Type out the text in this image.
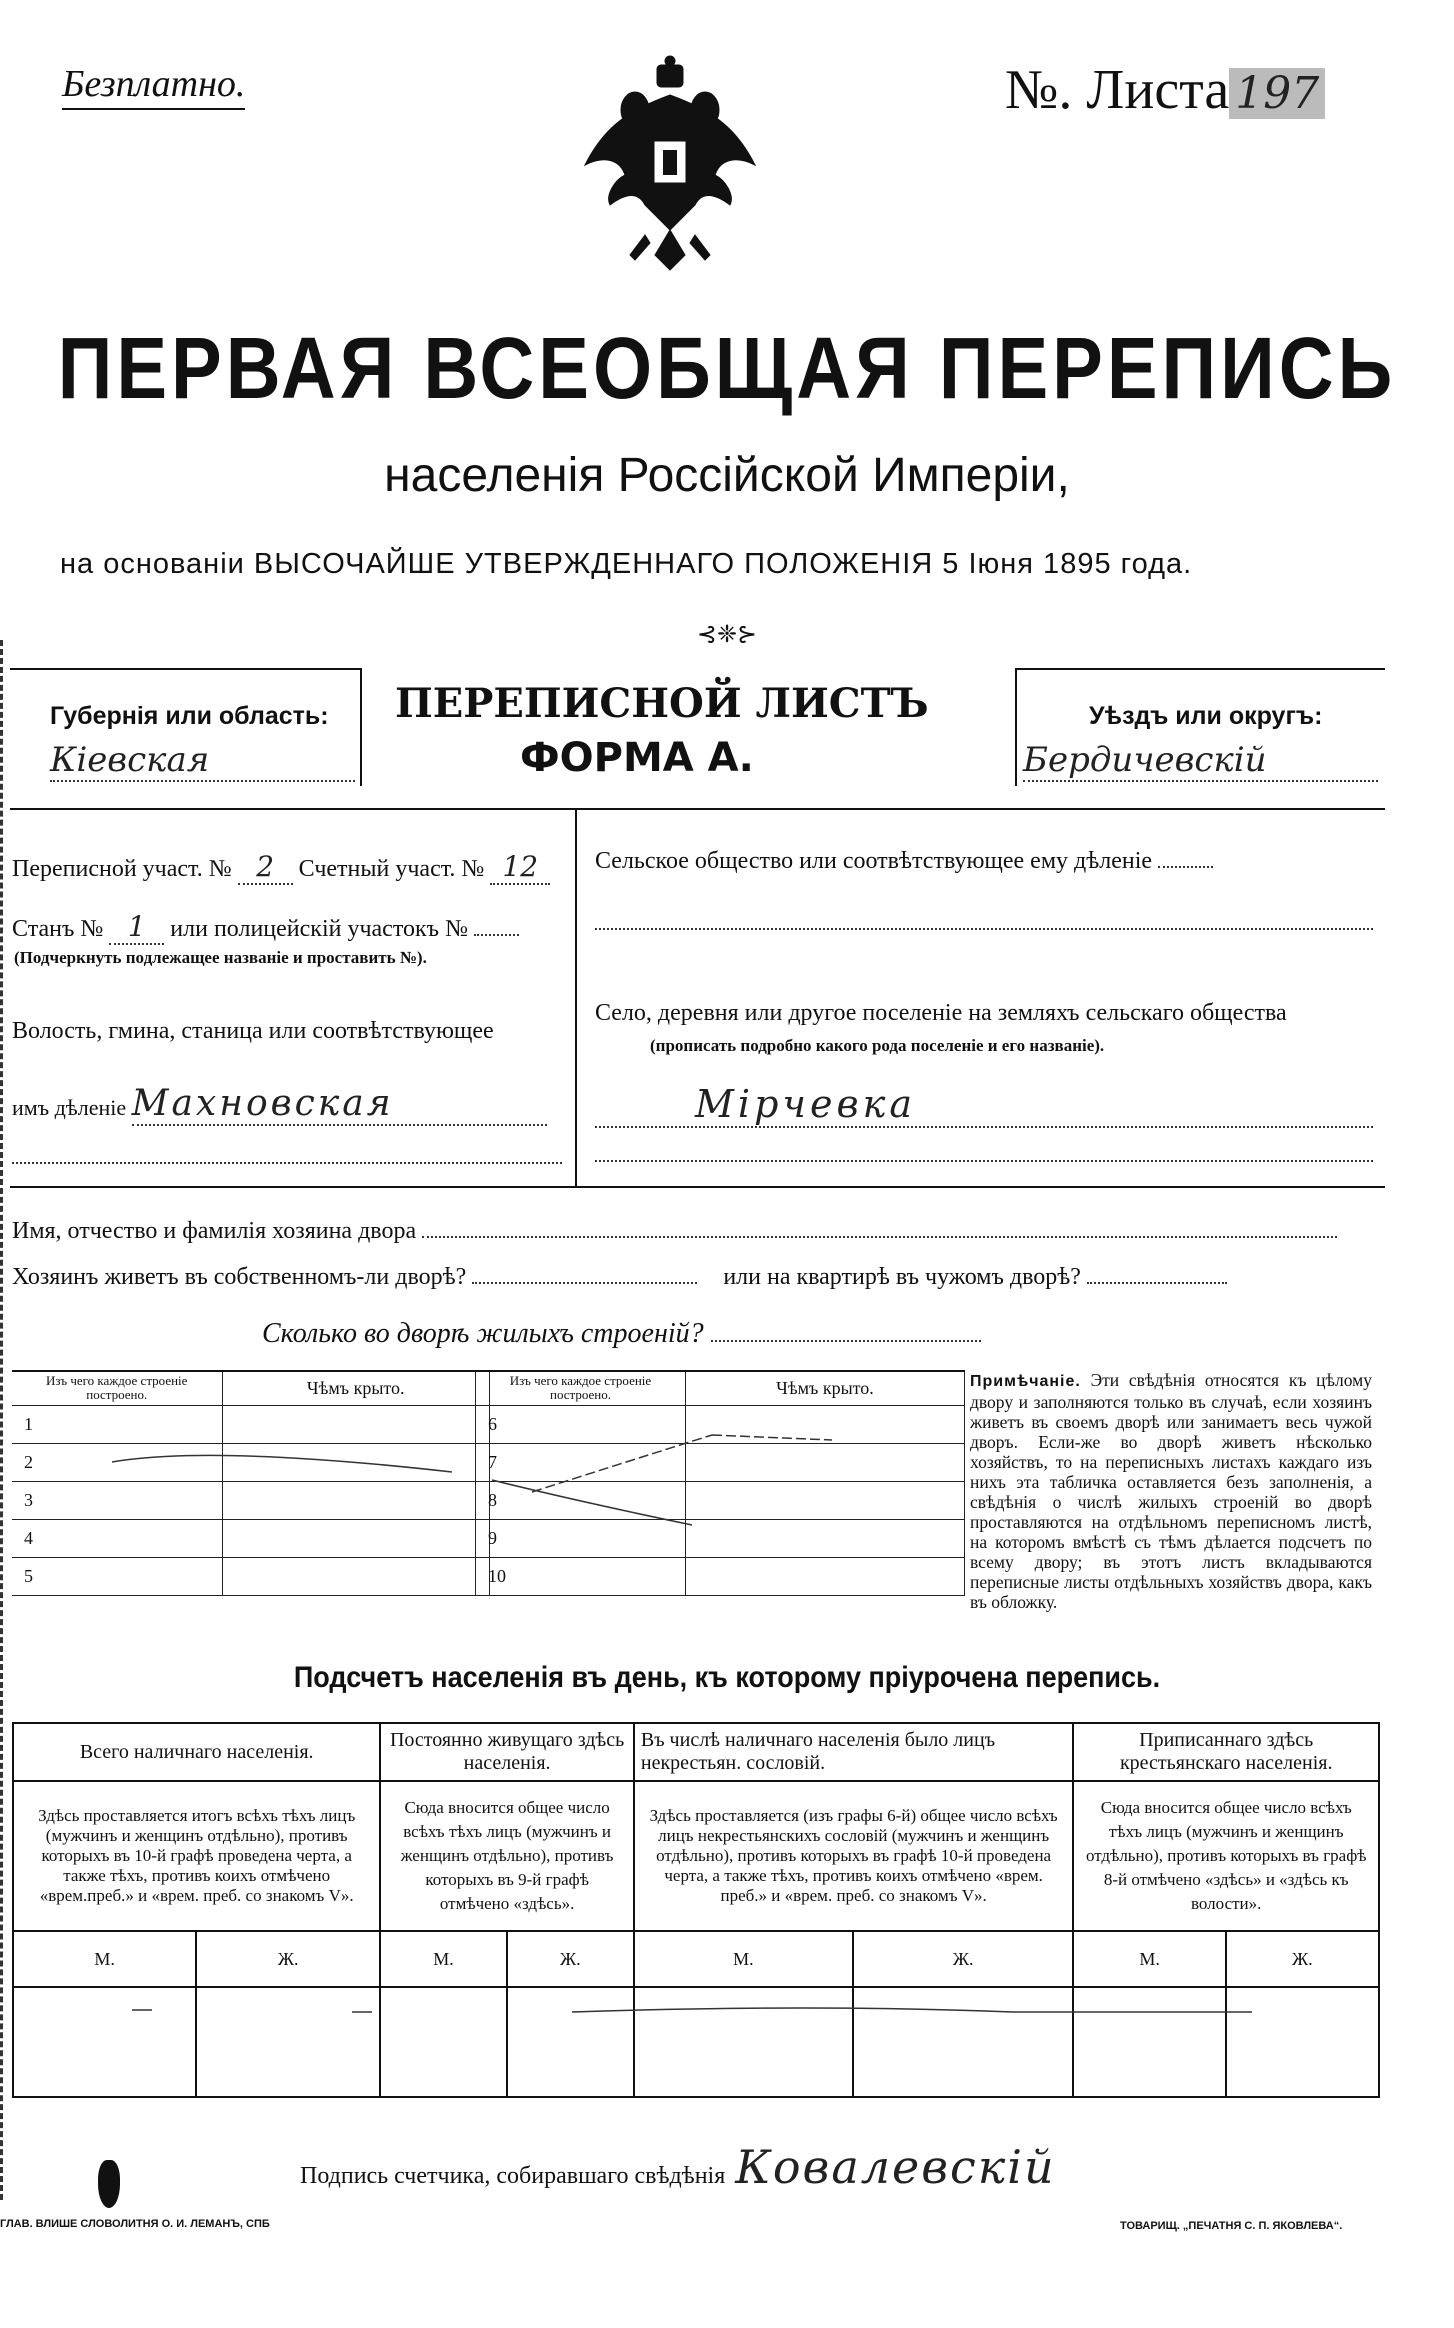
Безплатно.	№. Листа 197
ПЕРВАЯ ВСЕОБЩАЯ ПЕРЕПИСЬ
населенія Россійской Имперіи,
на основаніи ВЫСОЧАЙШЕ УТВЕРЖДЕННАГО ПОЛОЖЕНІЯ 5 Іюня 1895 года.
⊰❈⊱
Губернія или область:
Кіевская
ПЕРЕПИСНОЙ ЛИСТЪ
ФОРМА А.
Уѣздъ или округъ:
Бердичевскій
Переписной участ. № 2 Счетный участ. № 12
Станъ № 1 или полицейскій участокъ №
(Подчеркнуть подлежащее названіе и проставить №).
Волость, гмина, станица или соотвѣтствующее
имъ дѣленіе Махновская
Сельское общество или соотвѣтствующее ему дѣленіе
Село, деревня или другое поселеніе на земляхъ сельскаго общества
(прописать подробно какого рода поселеніе и его названіе).
Мірчевка
Имя, отчество и фамилія хозяина двора
Хозяинъ живетъ въ собственномъ-ли дворѣ?	или на квартирѣ въ чужомъ дворѣ?
Сколько во дворѣ жилыхъ строеній?
Изъ чего каждое строеніе построено.	Чѣмъ крыто.
1	
2	
3	
4	
5	
Изъ чего каждое строеніе построено.	Чѣмъ крыто.
6	
7	
8	
9	
10	
Примѣчаніе. Эти свѣдѣнія относятся къ цѣлому двору и заполняются только въ случаѣ, если хозяинъ живетъ въ своемъ дворѣ или занимаетъ весь чужой дворъ. Если-же во дворѣ живетъ нѣсколько хозяйствъ, то на переписныхъ листахъ каждаго изъ нихъ эта табличка оставляется безъ заполненія, а свѣдѣнія о числѣ жилыхъ строеній во дворѣ проставляются на отдѣльномъ переписномъ листѣ, на которомъ вмѣстѣ съ тѣмъ дѣлается подсчетъ по всему двору; въ этотъ листъ вкладываются переписные листы отдѣльныхъ хозяйствъ двора, какъ въ обложку.
Подсчетъ населенія въ день, къ которому пріурочена перепись.
Всего наличнаго населенія.		Постоянно живущаго здѣсь населенія.		Въ числѣ наличнаго населенія было лицъ некрестьян. сословій.		Приписаннаго здѣсь крестьянскаго населенія.	
Здѣсь проставляется итогъ всѣхъ тѣхъ лицъ (мужчинъ и женщинъ отдѣльно), противъ которыхъ въ 10-й графѣ проведена черта, а также тѣхъ, противъ коихъ отмѣчено «врем.преб.» и «врем. преб. со знакомъ V».		Сюда вносится общее число всѣхъ тѣхъ лицъ (мужчинъ и женщинъ отдѣльно), противъ которыхъ въ 9-й графѣ отмѣчено «здѣсь».		Здѣсь проставляется (изъ графы 6-й) общее число всѣхъ лицъ некрестьянскихъ сословій (мужчинъ и женщинъ отдѣльно), противъ которыхъ въ графѣ 10-й проведена черта, а также тѣхъ, противъ коихъ отмѣчено «врем. преб.» и «врем. преб. со знакомъ V».		Сюда вносится общее число всѣхъ тѣхъ лицъ (мужчинъ и женщинъ отдѣльно), противъ которыхъ въ графѣ 8-й отмѣчено «здѣсь» и «здѣсь къ волости».	
М.	Ж.	М.	Ж.	М.	Ж.	М.	Ж.

Подпись счетчика, собиравшаго свѣдѣнія Ковалевскій
ГЛАВ. ВЛИШЕ СЛОВОЛИТНЯ О. И. ЛЕМАНЪ, СПБ	ТОВАРИЩ. „ПЕЧАТНЯ С. П. ЯКОВЛЕВА“.
